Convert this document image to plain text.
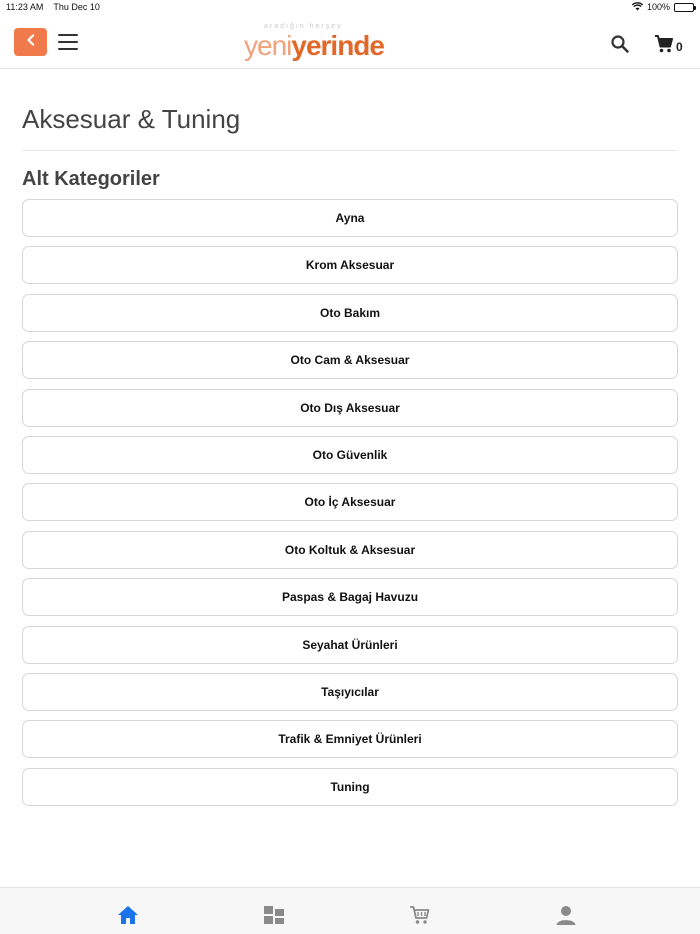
11:23 AM Thu Dec 10	100%
aradığın herşey
yeniyerinde	0
Aksesuar & Tuning
Alt Kategoriler
Ayna
Krom Aksesuar
Oto Bakım
Oto Cam & Aksesuar
Oto Dış Aksesuar
Oto Güvenlik
Oto İç Aksesuar
Oto Koltuk & Aksesuar
Paspas & Bagaj Havuzu
Seyahat Ürünleri
Taşıyıcılar
Trafik & Emniyet Ürünleri
Tuning
